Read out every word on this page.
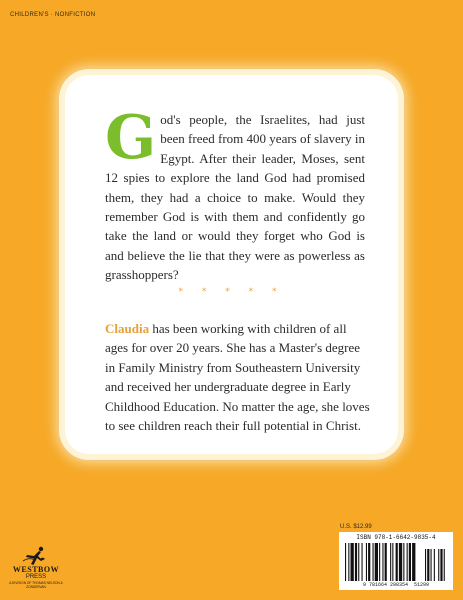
CHILDREN'S · NONFICTION

God's people, the Israelites, had just been freed from 400 years of slavery in Egypt. After their leader, Moses, sent 12 spies to explore the land God had promised them, they had a choice to make. Would they remember God is with them and confidently go take the land or would they forget who God is and believe the lie that they were as powerless as grasshoppers?

* * * * *

Claudia has been working with children of all ages for over 20 years. She has a Master's degree in Family Ministry from Southeastern University and received her undergraduate degree in Early Childhood Education. No matter the age, she loves to see children reach their full potential in Christ.

U.S. $12.99
ISBN 978-1-6642-9835-4
9 781664 298354 51299
WESTBOW
PRESS
A DIVISION OF THOMAS NELSON & ZONDERVAN
